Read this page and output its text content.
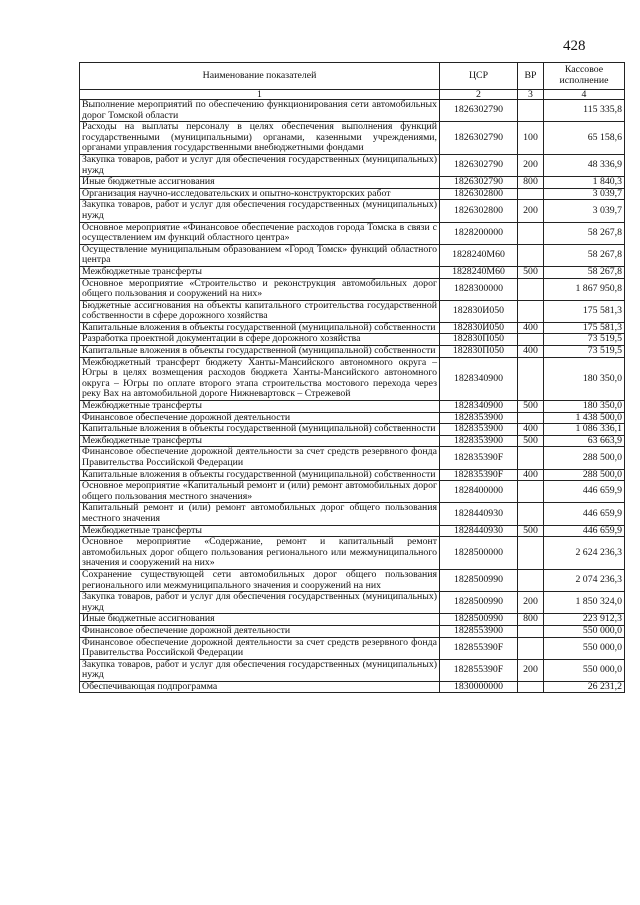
428
Наименование показателей	ЦСР	ВР	Кассовое исполнение
1	2	3	4
Выполнение мероприятий по обеспечению функционирования сети автомобильных дорог Томской области	1826302790		115 335,8
Расходы на выплаты персоналу в целях обеспечения выполнения функций государственными (муниципальными) органами, казенными учреждениями, органами управления государственными внебюджетными фондами	1826302790	100	65 158,6
Закупка товаров, работ и услуг для обеспечения государственных (муниципальных) нужд	1826302790	200	48 336,9
Иные бюджетные ассигнования	1826302790	800	1 840,3
Организация научно-исследовательских и опытно-конструкторских работ	1826302800		3 039,7
Закупка товаров, работ и услуг для обеспечения государственных (муниципальных) нужд	1826302800	200	3 039,7
Основное мероприятие «Финансовое обеспечение расходов города Томска в связи с осуществлением им функций областного центра»	1828200000		58 267,8
Осуществление муниципальным образованием «Город Томск» функций областного центра	1828240М60		58 267,8
Межбюджетные трансферты	1828240М60	500	58 267,8
Основное мероприятие «Строительство и реконструкция автомобильных дорог общего пользования и сооружений на них»	1828300000		1 867 950,8
Бюджетные ассигнования на объекты капитального строительства государственной собственности в сфере дорожного хозяйства	182830И050		175 581,3
Капитальные вложения в объекты государственной (муниципальной) собственности	182830И050	400	175 581,3
Разработка проектной документации в сфере дорожного хозяйства	182830П050		73 519,5
Капитальные вложения в объекты государственной (муниципальной) собственности	182830П050	400	73 519,5
Межбюджетный трансферт бюджету Ханты-Мансийского автономного округа – Югры в целях возмещения расходов бюджета Ханты-Мансийского автономного округа – Югры по оплате второго этапа строительства мостового перехода через реку Вах на автомобильной дороге Нижневартовск – Стрежевой	1828340900		180 350,0
Межбюджетные трансферты	1828340900	500	180 350,0
Финансовое обеспечение дорожной деятельности	1828353900		1 438 500,0
Капитальные вложения в объекты государственной (муниципальной) собственности	1828353900	400	1 086 336,1
Межбюджетные трансферты	1828353900	500	63 663,9
Финансовое обеспечение дорожной деятельности за счет средств резервного фонда Правительства Российской Федерации	182835390F		288 500,0
Капитальные вложения в объекты государственной (муниципальной) собственности	182835390F	400	288 500,0
Основное мероприятие «Капитальный ремонт и (или) ремонт автомобильных дорог общего пользования местного значения»	1828400000		446 659,9
Капитальный ремонт и (или) ремонт автомобильных дорог общего пользования местного значения	1828440930		446 659,9
Межбюджетные трансферты	1828440930	500	446 659,9
Основное мероприятие «Содержание, ремонт и капитальный ремонт автомобильных дорог общего пользования регионального или межмуниципального значения и сооружений на них»	1828500000		2 624 236,3
Сохранение существующей сети автомобильных дорог общего пользования регионального или межмуниципального значения и сооружений на них	1828500990		2 074 236,3
Закупка товаров, работ и услуг для обеспечения государственных (муниципальных) нужд	1828500990	200	1 850 324,0
Иные бюджетные ассигнования	1828500990	800	223 912,3
Финансовое обеспечение дорожной деятельности	1828553900		550 000,0
Финансовое обеспечение дорожной деятельности за счет средств резервного фонда Правительства Российской Федерации	182855390F		550 000,0
Закупка товаров, работ и услуг для обеспечения государственных (муниципальных) нужд	182855390F	200	550 000,0
Обеспечивающая подпрограмма	1830000000		26 231,2
